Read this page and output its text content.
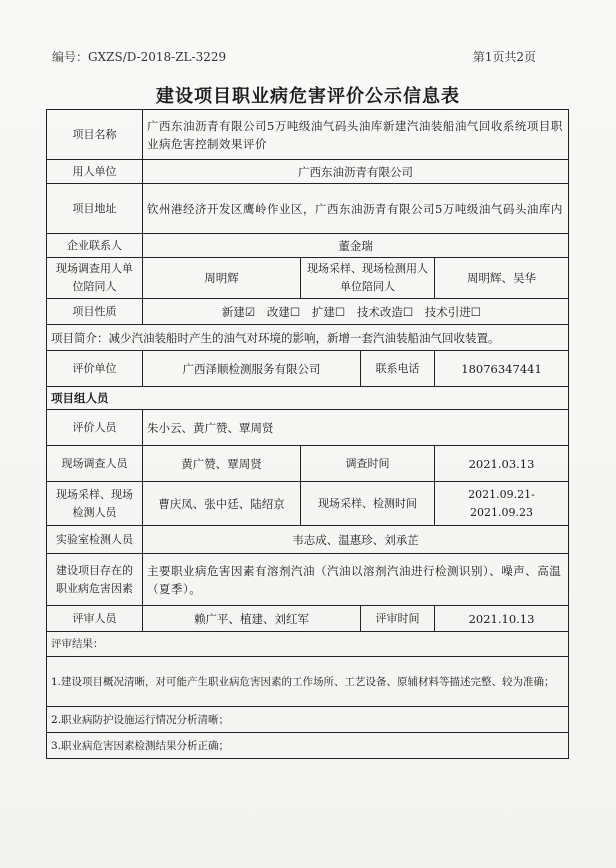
编号：GXZS/D-2018-ZL-3229	第1页共2页
建设项目职业病危害评价公示信息表
项目名称	广西东油沥青有限公司5万吨级油气码头油库新建汽油装船油气回收系统项目职业病危害控制效果评价			
用人单位	广西东油沥青有限公司			
项目地址	钦州港经济开发区鹰岭作业区，广西东油沥青有限公司5万吨级油气码头油库内			
企业联系人	董金瑞			
现场调查用人单位陪同人	周明辉	现场采样、现场检测用人单位陪同人		周明辉、吴华
项目性质	新建☑ 改建☐ 扩建☐ 技术改造☐ 技术引进☐			
项目简介：减少汽油装船时产生的油气对环境的影响，新增一套汽油装船油气回收装置。				
评价单位	广西泽顺检测服务有限公司		联系电话	18076347441
项目组人员				
评价人员	朱小云、黄广赞、覃周贤			
现场调查人员	黄广赞、覃周贤	调查时间		2021.03.13
现场采样、现场检测人员	曹庆凤、张中廷、陆绍京	现场采样、检测时间		2021.09.21-2021.09.23
实验室检测人员	韦志成、温惠珍、刘承芷			
建设项目存在的职业病危害因素	主要职业病危害因素有溶剂汽油（汽油以溶剂汽油进行检测识别）、噪声、高温（夏季）。			
评审人员	赖广平、植建、刘红军		评审时间	2021.10.13
评审结果：				
1.建设项目概况清晰，对可能产生职业病危害因素的工作场所、工艺设备、原辅材料等描述完整、较为准确；				
2.职业病防护设施运行情况分析清晰；				
3.职业病危害因素检测结果分析正确；				
